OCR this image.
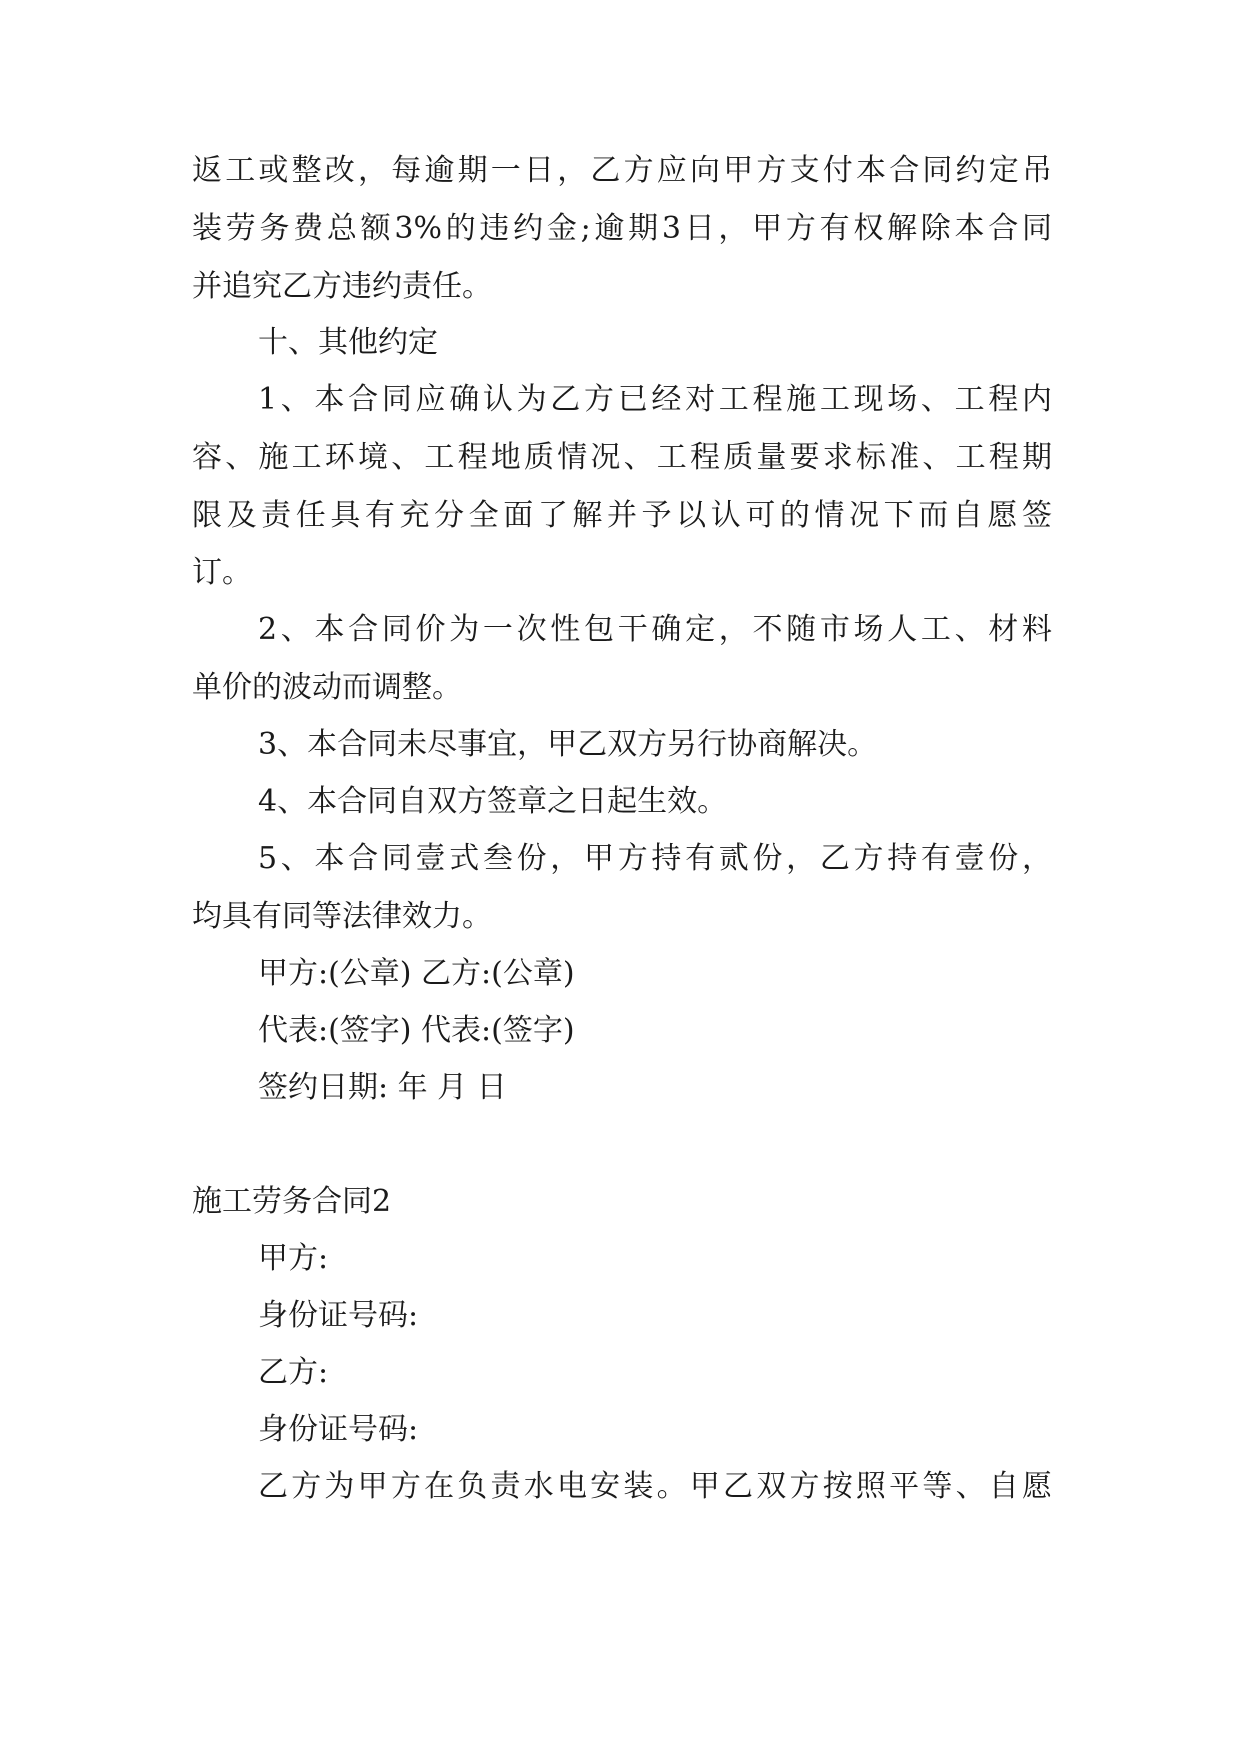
返工或整改，每逾期一日，乙方应向甲方支付本合同约定吊
装劳务费总额3%的违约金;逾期3日，甲方有权解除本合同
并追究乙方违约责任。
十、其他约定
1、本合同应确认为乙方已经对工程施工现场、工程内
容、施工环境、工程地质情况、工程质量要求标准、工程期
限及责任具有充分全面了解并予以认可的情况下而自愿签
订。
2、本合同价为一次性包干确定，不随市场人工、材料
单价的波动而调整。
3、本合同未尽事宜，甲乙双方另行协商解决。
4、本合同自双方签章之日起生效。
5、本合同壹式叁份，甲方持有贰份，乙方持有壹份，
均具有同等法律效力。
甲方:(公章) 乙方:(公章)
代表:(签字) 代表:(签字)
签约日期: 年 月 日
施工劳务合同2
甲方:
身份证号码:
乙方:
身份证号码:
乙方为甲方在负责水电安装。甲乙双方按照平等、自愿
